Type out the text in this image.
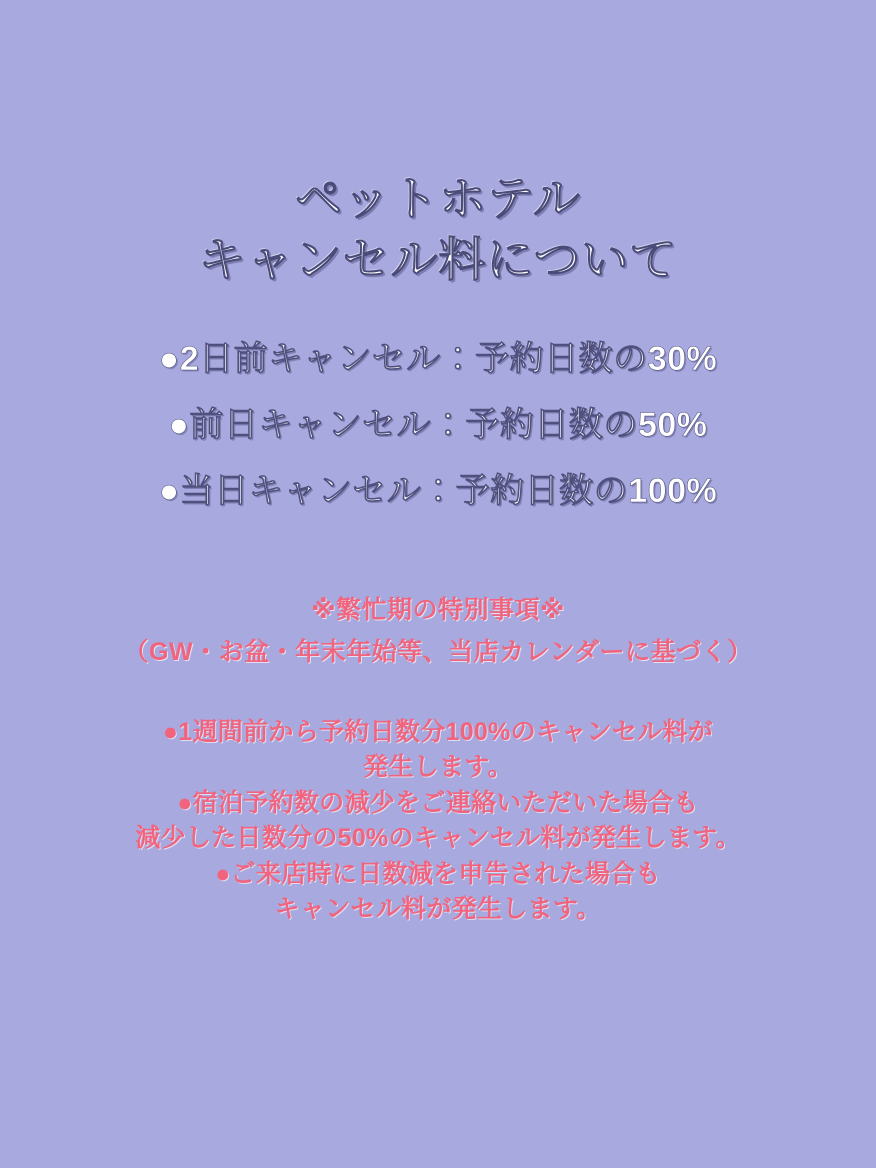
ペットホテル
キャンセル料について
●2日前キャンセル：予約日数の30%
●前日キャンセル：予約日数の50%
●当日キャンセル：予約日数の100%
※繁忙期の特別事項※
（GW・お盆・年末年始等、当店カレンダーに基づく）
●1週間前から予約日数分100%のキャンセル料が
発生します。
●宿泊予約数の減少をご連絡いただいた場合も
減少した日数分の50%のキャンセル料が発生します。
●ご来店時に日数減を申告された場合も
キャンセル料が発生します。
